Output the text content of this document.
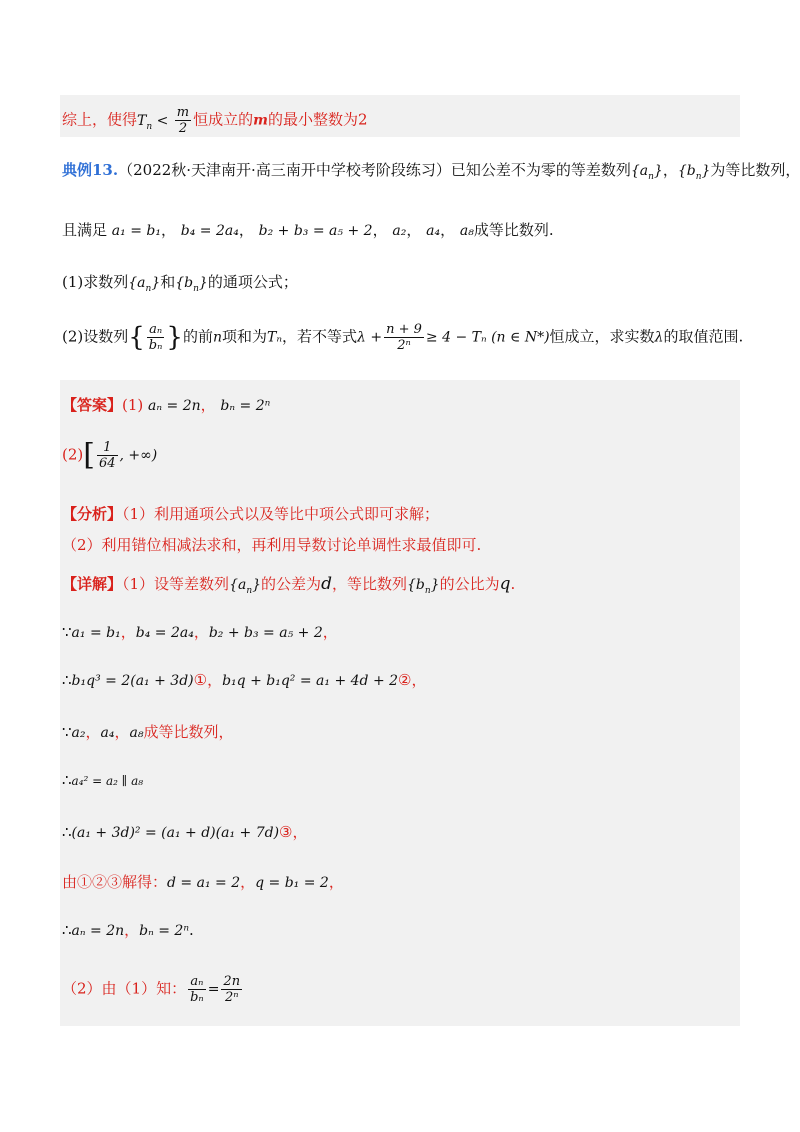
综上，使得$T_n < \frac{m}{2}$ 恒成立的m的最小整数为2
典例13.（2022秋·天津南开·高三南开中学校考阶段练习）已知公差不为零的等差数列$\{a_n\}$，$\{b_n\}$为等比数列，
且满足 a₁ = b₁， b₄ = 2a₄， b₂ + b₃ = a₅ + 2， a₂， a₄， a₈成等比数列.
(1)求数列$\{a_n\}$和$\{b_n\}$的通项公式；
(2)设数列{ $\frac{\text{aₙ}}{\text{bₙ}}$ }的前n项和为Tₙ，若不等式$\lambda + \frac{n + 9}{\text{2ⁿ}} \ge 4 - T_n$ (n ∈ N*)恒成立，求实数λ的取值范围.
【答案】(1) aₙ = 2n， bₙ = 2ⁿ
$(2)[ \frac{1}{64}$ , +∞)
【分析】（1）利用通项公式以及等比中项公式即可求解；
（2）利用错位相减法求和，再利用导数讨论单调性求最值即可.
【详解】（1）设等差数列$\{a_n\}$的公差为d，等比数列$\{b_n\}$的公比为q.
∵a₁ = b₁，b₄ = 2a₄，b₂ + b₃ = a₅ + 2，
∴b₁q³ = 2(a₁ + 3d)①，b₁q + b₁q² = a₁ + 4d + 2②，
∵a₂，a₄，a₈成等比数列，
∴a₄² = a₂ ∥ a₈
∴(a₁ + 3d)² = (a₁ + d)(a₁ + 7d)③，
由①②③解得：d = a₁ = 2，q = b₁ = 2，
∴aₙ = 2n，bₙ = 2ⁿ.
（2）由（1）知： $\frac{\text{aₙ}}{\text{bₙ}} = \frac{2n}{\text{2ⁿ}}$
